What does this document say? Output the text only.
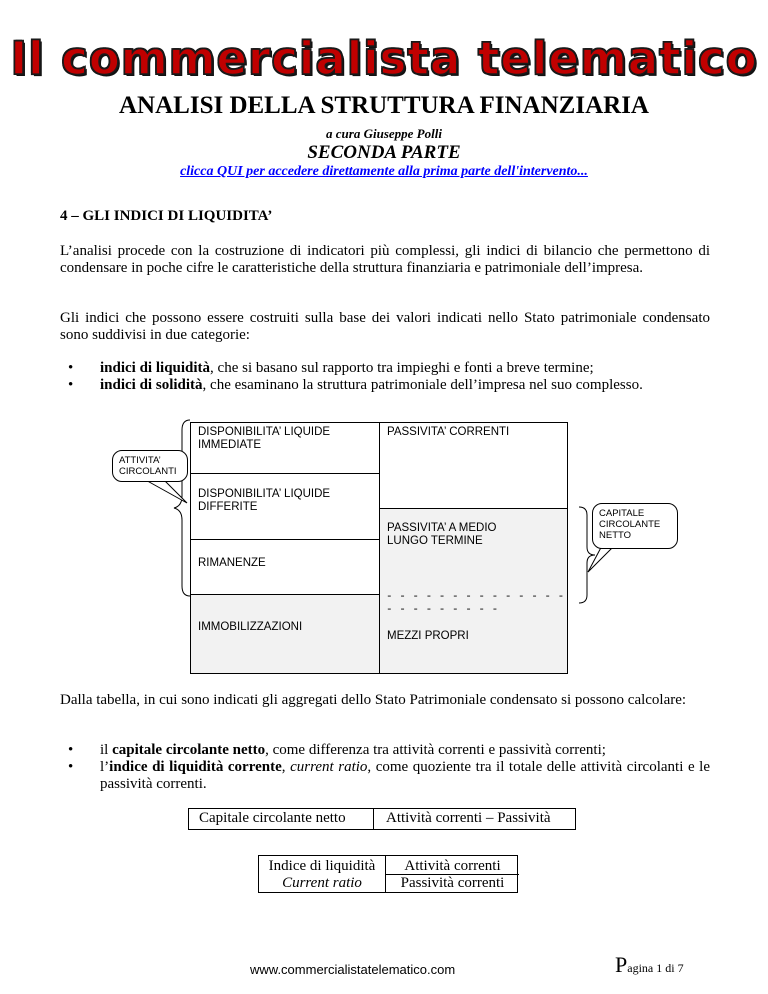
Il commercialista telematico
ANALISI DELLA STRUTTURA FINANZIARIA
a cura Giuseppe Polli
SECONDA PARTE
clicca QUI per accedere direttamente alla prima parte dell'intervento...
4 – GLI INDICI DI LIQUIDITA’
L’analisi procede con la costruzione di indicatori più complessi, gli indici di bilancio che permettono di condensare in poche cifre le caratteristiche della struttura finanziaria e patrimoniale dell’impresa.
Gli indici che possono essere costruiti sulla base dei valori indicati nello Stato patrimoniale condensato sono suddivisi in due categorie:
• indici di liquidità, che si basano sul rapporto tra impieghi e fonti a breve termine;
• indici di solidità, che esaminano la struttura patrimoniale dell’impresa nel suo complesso.
DISPONIBILITA’ LIQUIDE IMMEDIATE
DISPONIBILITA’ LIQUIDE DIFFERITE
RIMANENZE
IMMOBILIZZAZIONI
PASSIVITA’ CORRENTI
PASSIVITA’ A MEDIO LUNGO TERMINE
- - - - - - - - - - - - - - - - - - - - - - -
MEZZI PROPRI
ATTIVITA’ CIRCOLANTI
CAPITALE CIRCOLANTE NETTO
Dalla tabella, in cui sono indicati gli aggregati dello Stato Patrimoniale condensato si possono calcolare:
• il capitale circolante netto, come differenza tra attività correnti e passività correnti;
• l’indice di liquidità corrente, current ratio, come quoziente tra il totale delle attività circolanti e le passività correnti.
Capitale circolante netto	Attività correnti – Passività
Indice di liquidità
Current ratio
Attività correnti
Passività correnti
www.commercialistatelematico.com	Pagina 1 di 7
